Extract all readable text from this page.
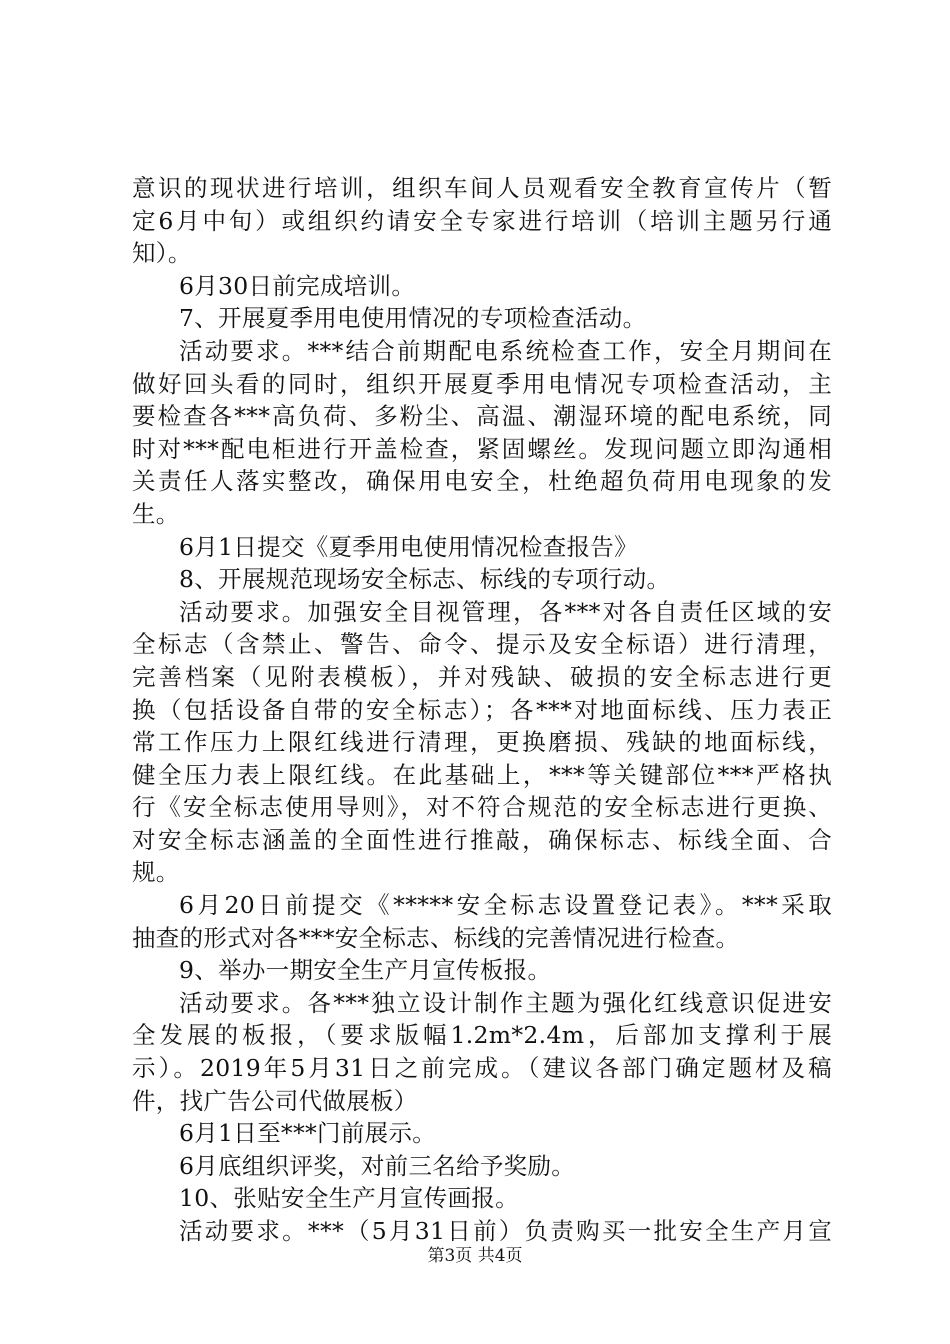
意识的现状进行培训，组织车间人员观看安全教育宣传片（暂
定6月中旬）或组织约请安全专家进行培训（培训主题另行通
知）。
6月30日前完成培训。
7、开展夏季用电使用情况的专项检查活动。
活动要求。***结合前期配电系统检查工作，安全月期间在
做好回头看的同时，组织开展夏季用电情况专项检查活动，主
要检查各***高负荷、多粉尘、高温、潮湿环境的配电系统，同
时对***配电柜进行开盖检查，紧固螺丝。发现问题立即沟通相
关责任人落实整改，确保用电安全，杜绝超负荷用电现象的发
生。
6月1日提交《夏季用电使用情况检查报告》
8、开展规范现场安全标志、标线的专项行动。
活动要求。加强安全目视管理，各***对各自责任区域的安
全标志（含禁止、警告、命令、提示及安全标语）进行清理，
完善档案（见附表模板），并对残缺、破损的安全标志进行更
换（包括设备自带的安全标志）；各***对地面标线、压力表正
常工作压力上限红线进行清理，更换磨损、残缺的地面标线，
健全压力表上限红线。在此基础上，***等关键部位***严格执
行《安全标志使用导则》，对不符合规范的安全标志进行更换、
对安全标志涵盖的全面性进行推敲，确保标志、标线全面、合
规。
6月20日前提交《*****安全标志设置登记表》。***采取
抽查的形式对各***安全标志、标线的完善情况进行检查。
9、举办一期安全生产月宣传板报。
活动要求。各***独立设计制作主题为强化红线意识促进安
全发展的板报，（要求版幅1.2m*2.4m，后部加支撑利于展
示）。2019年5月31日之前完成。（建议各部门确定题材及稿
件，找广告公司代做展板）
6月1日至***门前展示。
6月底组织评奖，对前三名给予奖励。
10、张贴安全生产月宣传画报。
活动要求。***（5月31日前）负责购买一批安全生产月宣
第3页 共4页
